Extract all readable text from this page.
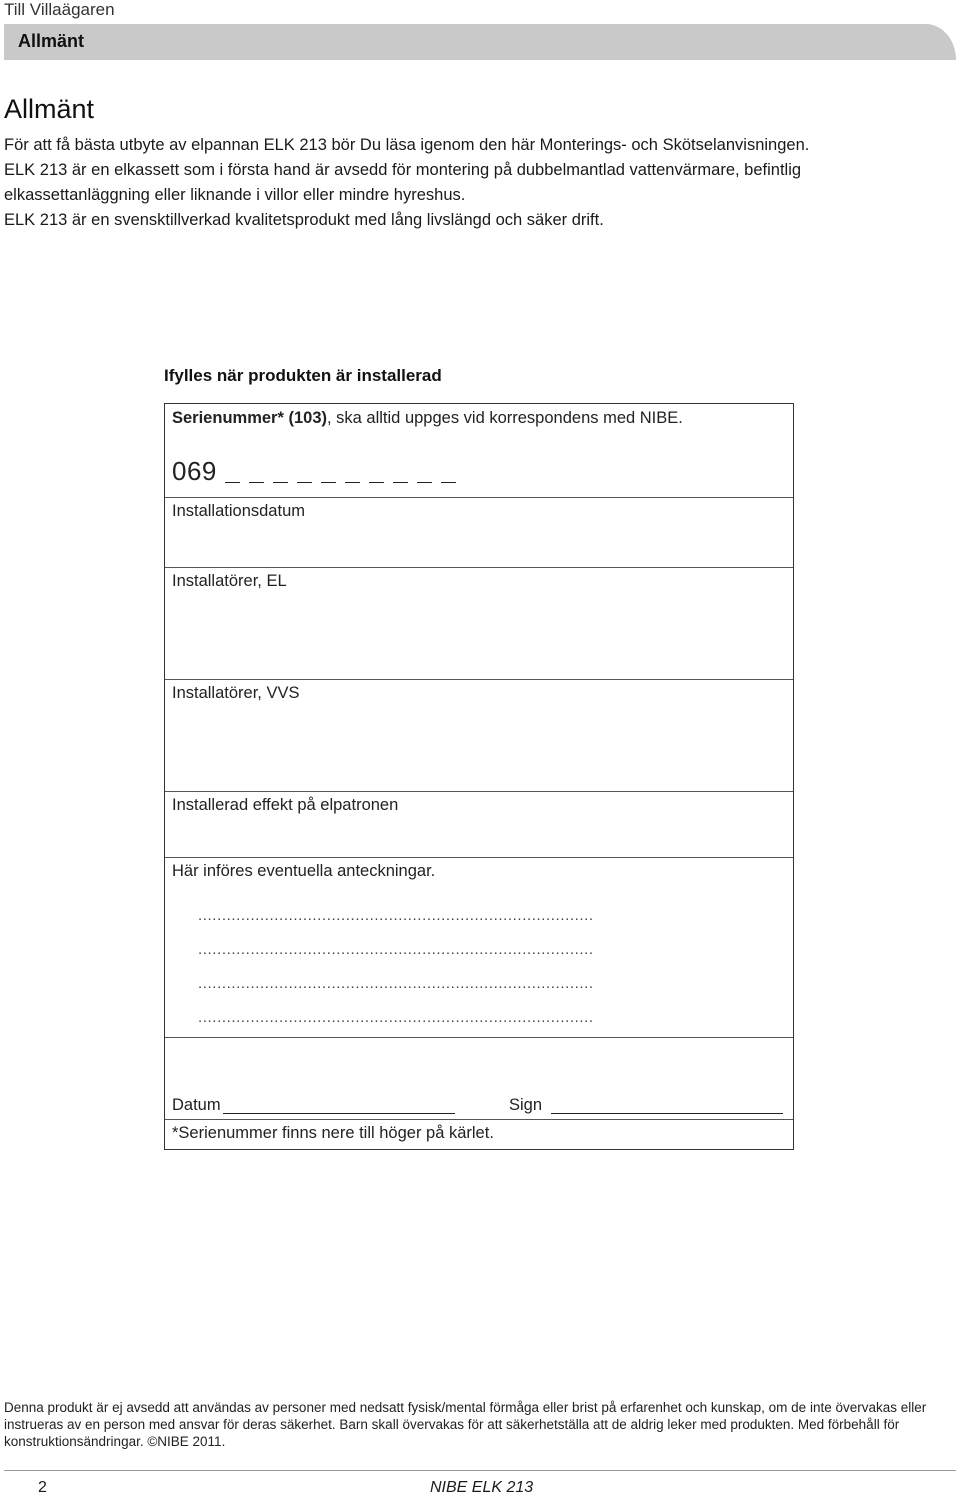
Till Villaägaren
Allmänt
Allmänt

För att få bästa utbyte av elpannan ELK 213 bör Du läsa igenom den här Monterings- och Skötselanvisningen.

ELK 213 är en elkassett som i första hand är avsedd för montering på dubbelmantlad vattenvärmare, befintlig elkassettanläggning eller liknande i villor eller mindre hyreshus.

ELK 213 är en svensktillverkad kvalitetsprodukt med lång livslängd och säker drift.

Ifylles när produkten är installerad
Serienummer* (103), ska alltid uppges vid korrespondens med NIBE.
069
Installationsdatum
Installatörer, EL
Installatörer, VVS
Installerad effekt på elpatronen
Här införes eventuella anteckningar.
...................................................................................
...................................................................................
...................................................................................
...................................................................................
Datum	Sign
*Serienummer finns nere till höger på kärlet.

Denna produkt är ej avsedd att användas av personer med nedsatt fysisk/mental förmåga eller brist på erfarenhet och kunskap, om de inte övervakas eller instrueras av en person med ansvar för deras säkerhet. Barn skall övervakas för att säkerhetställa att de aldrig leker med produkten. Med förbehåll för konstruktionsändringar. ©NIBE 2011.

2	NIBE ELK 213
